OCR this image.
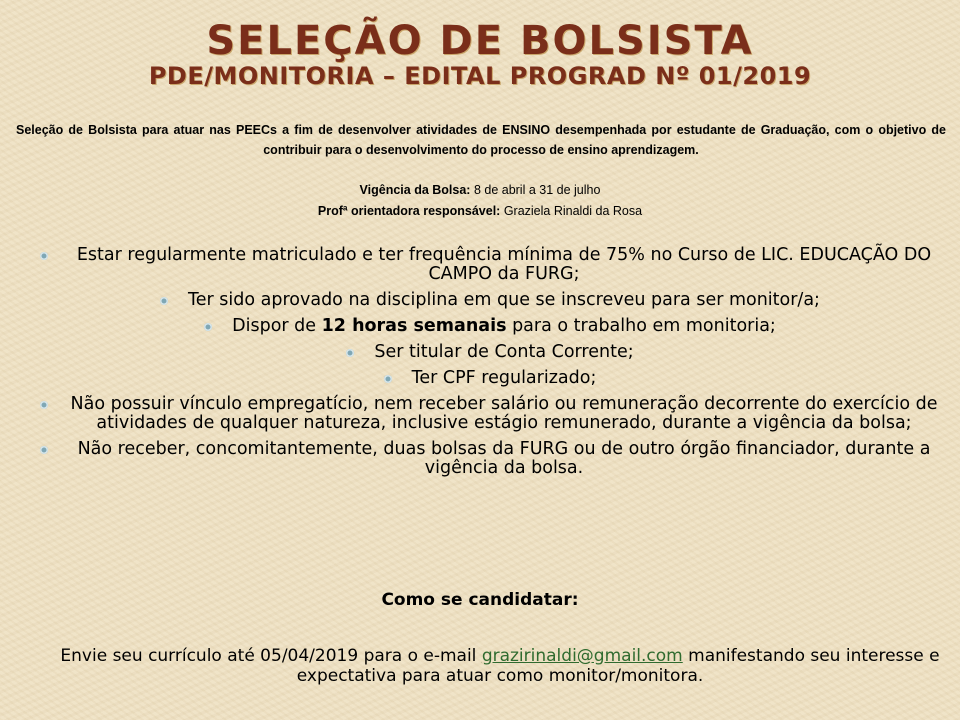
SELEÇÃO DE BOLSISTA
PDE/MONITORIA – EDITAL PROGRAD Nº 01/2019
Seleção de Bolsista para atuar nas PEECs a fim de desenvolver atividades de ENSINO desempenhada por estudante de Graduação, com o objetivo de contribuir para o desenvolvimento do processo de ensino aprendizagem.
Vigência da Bolsa: 8 de abril a 31 de julho
Profª orientadora responsável: Graziela Rinaldi da Rosa
Estar regularmente matriculado e ter frequência mínima de 75% no Curso de LIC. EDUCAÇÃO DO CAMPO da FURG;
Ter sido aprovado na disciplina em que se inscreveu para ser monitor/a;
Dispor de 12 horas semanais para o trabalho em monitoria;
Ser titular de Conta Corrente;
Ter CPF regularizado;
Não possuir vínculo empregatício, nem receber salário ou remuneração decorrente do exercício de atividades de qualquer natureza, inclusive estágio remunerado, durante a vigência da bolsa;
Não receber, concomitantemente, duas bolsas da FURG ou de outro órgão financiador, durante a vigência da bolsa.
Como se candidatar:
Envie seu currículo até 05/04/2019 para o e-mail grazirinaldi@gmail.com manifestando seu interesse e expectativa para atuar como monitor/monitora.
